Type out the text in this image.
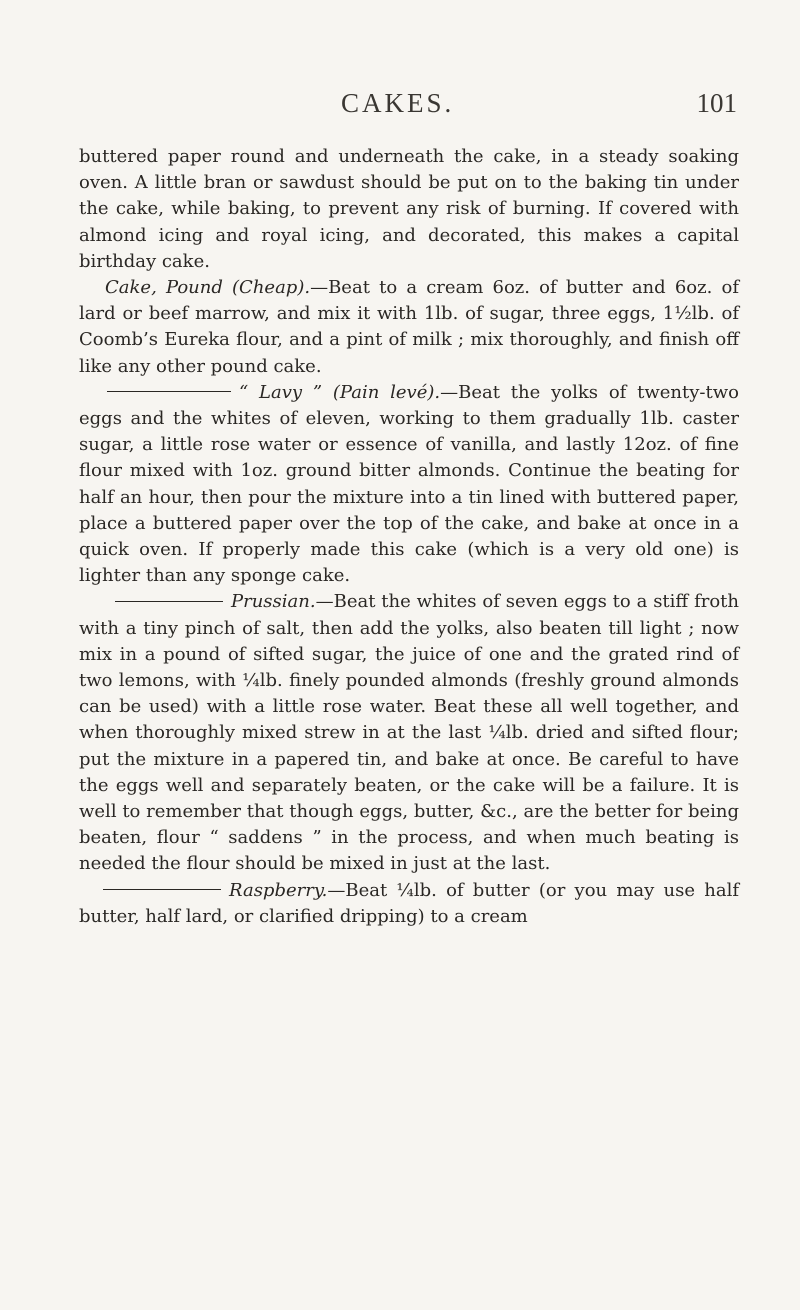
CAKES.	101

buttered paper round and underneath the cake, in a steady soaking oven. A little bran or sawdust should be put on to the baking tin under the cake, while baking, to prevent any risk of burning. If covered with almond icing and royal icing, and decorated, this makes a capital birthday cake.

Cake, Pound (Cheap).—Beat to a cream 6oz. of butter and 6oz. of lard or beef marrow, and mix it with 1lb. of sugar, three eggs, 1½lb. of Coomb’s Eureka flour, and a pint of milk ; mix thoroughly, and finish off like any other pound cake.

“ Lavy ” (Pain levé).—Beat the yolks of twenty-two eggs and the whites of eleven, working to them gradually 1lb. caster sugar, a little rose water or essence of vanilla, and lastly 12oz. of fine flour mixed with 1oz. ground bitter almonds. Continue the beating for half an hour, then pour the mixture into a tin lined with buttered paper, place a buttered paper over the top of the cake, and bake at once in a quick oven. If properly made this cake (which is a very old one) is lighter than any sponge cake.

Prussian.—Beat the whites of seven eggs to a stiff froth with a tiny pinch of salt, then add the yolks, also beaten till light ; now mix in a pound of sifted sugar, the juice of one and the grated rind of two lemons, with ¼lb. finely pounded almonds (freshly ground almonds can be used) with a little rose water. Beat these all well together, and when thoroughly mixed strew in at the last ¼lb. dried and sifted flour; put the mixture in a papered tin, and bake at once. Be careful to have the eggs well and separately beaten, or the cake will be a failure. It is well to remember that though eggs, butter, &c., are the better for being beaten, flour “ saddens ” in the process, and when much beating is needed the flour should be mixed in just at the last.

Raspberry.—Beat ¼lb. of butter (or you may use half butter, half lard, or clarified dripping) to a cream
